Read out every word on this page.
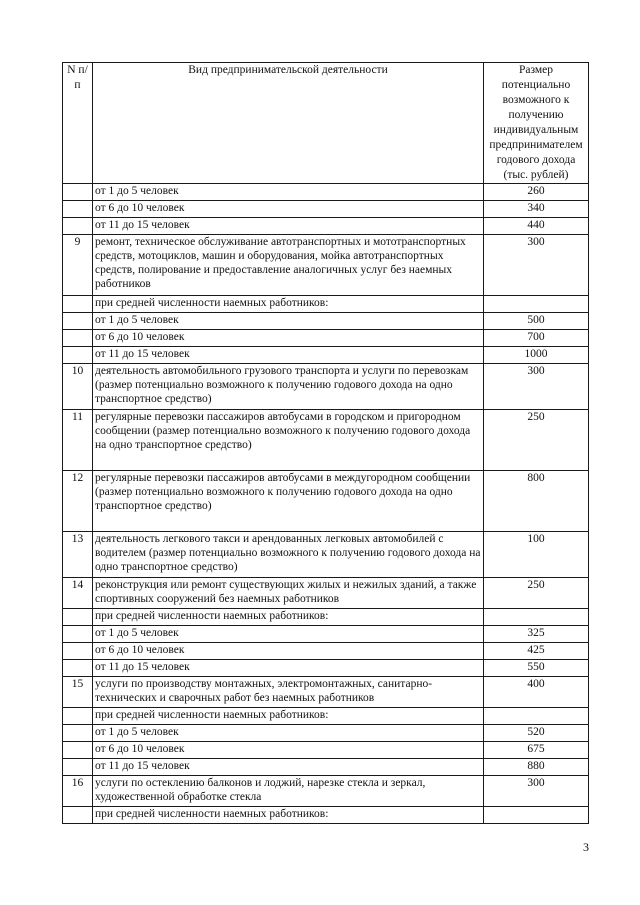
N п/п	Вид предпринимательской деятельности	Размер потенциально возможного к получению индивидуальным предпринимателем годового дохода (тыс. рублей)
	от 1 до 5 человек	260
	от 6 до 10 человек	340
	от 11 до 15 человек	440
9	ремонт, техническое обслуживание автотранспортных и мототранспортных средств, мотоциклов, машин и оборудования, мойка автотранспортных средств, полирование и предоставление аналогичных услуг без наемных работников	300
	при средней численности наемных работников:	
	от 1 до 5 человек	500
	от 6 до 10 человек	700
	от 11 до 15 человек	1000
10	деятельность автомобильного грузового транспорта и услуги по перевозкам (размер потенциально возможного к получению годового дохода на одно транспортное средство)	300
11	регулярные перевозки пассажиров автобусами в городском и пригородном сообщении (размер потенциально возможного к получению годового дохода на одно транспортное средство)	250
12	регулярные перевозки пассажиров автобусами в междугородном сообщении (размер потенциально возможного к получению годового дохода на одно транспортное средство)	800
13	деятельность легкового такси и арендованных легковых автомобилей с водителем (размер потенциально возможного к получению годового дохода на одно транспортное средство)	100
14	реконструкция или ремонт существующих жилых и нежилых зданий, а также спортивных сооружений без наемных работников	250
	при средней численности наемных работников:	
	от 1 до 5 человек	325
	от 6 до 10 человек	425
	от 11 до 15 человек	550
15	услуги по производству монтажных, электромонтажных, санитарно-технических и сварочных работ без наемных работников	400
	при средней численности наемных работников:	
	от 1 до 5 человек	520
	от 6 до 10 человек	675
	от 11 до 15 человек	880
16	услуги по остеклению балконов и лоджий, нарезке стекла и зеркал, художественной обработке стекла	300
	при средней численности наемных работников:	
3
